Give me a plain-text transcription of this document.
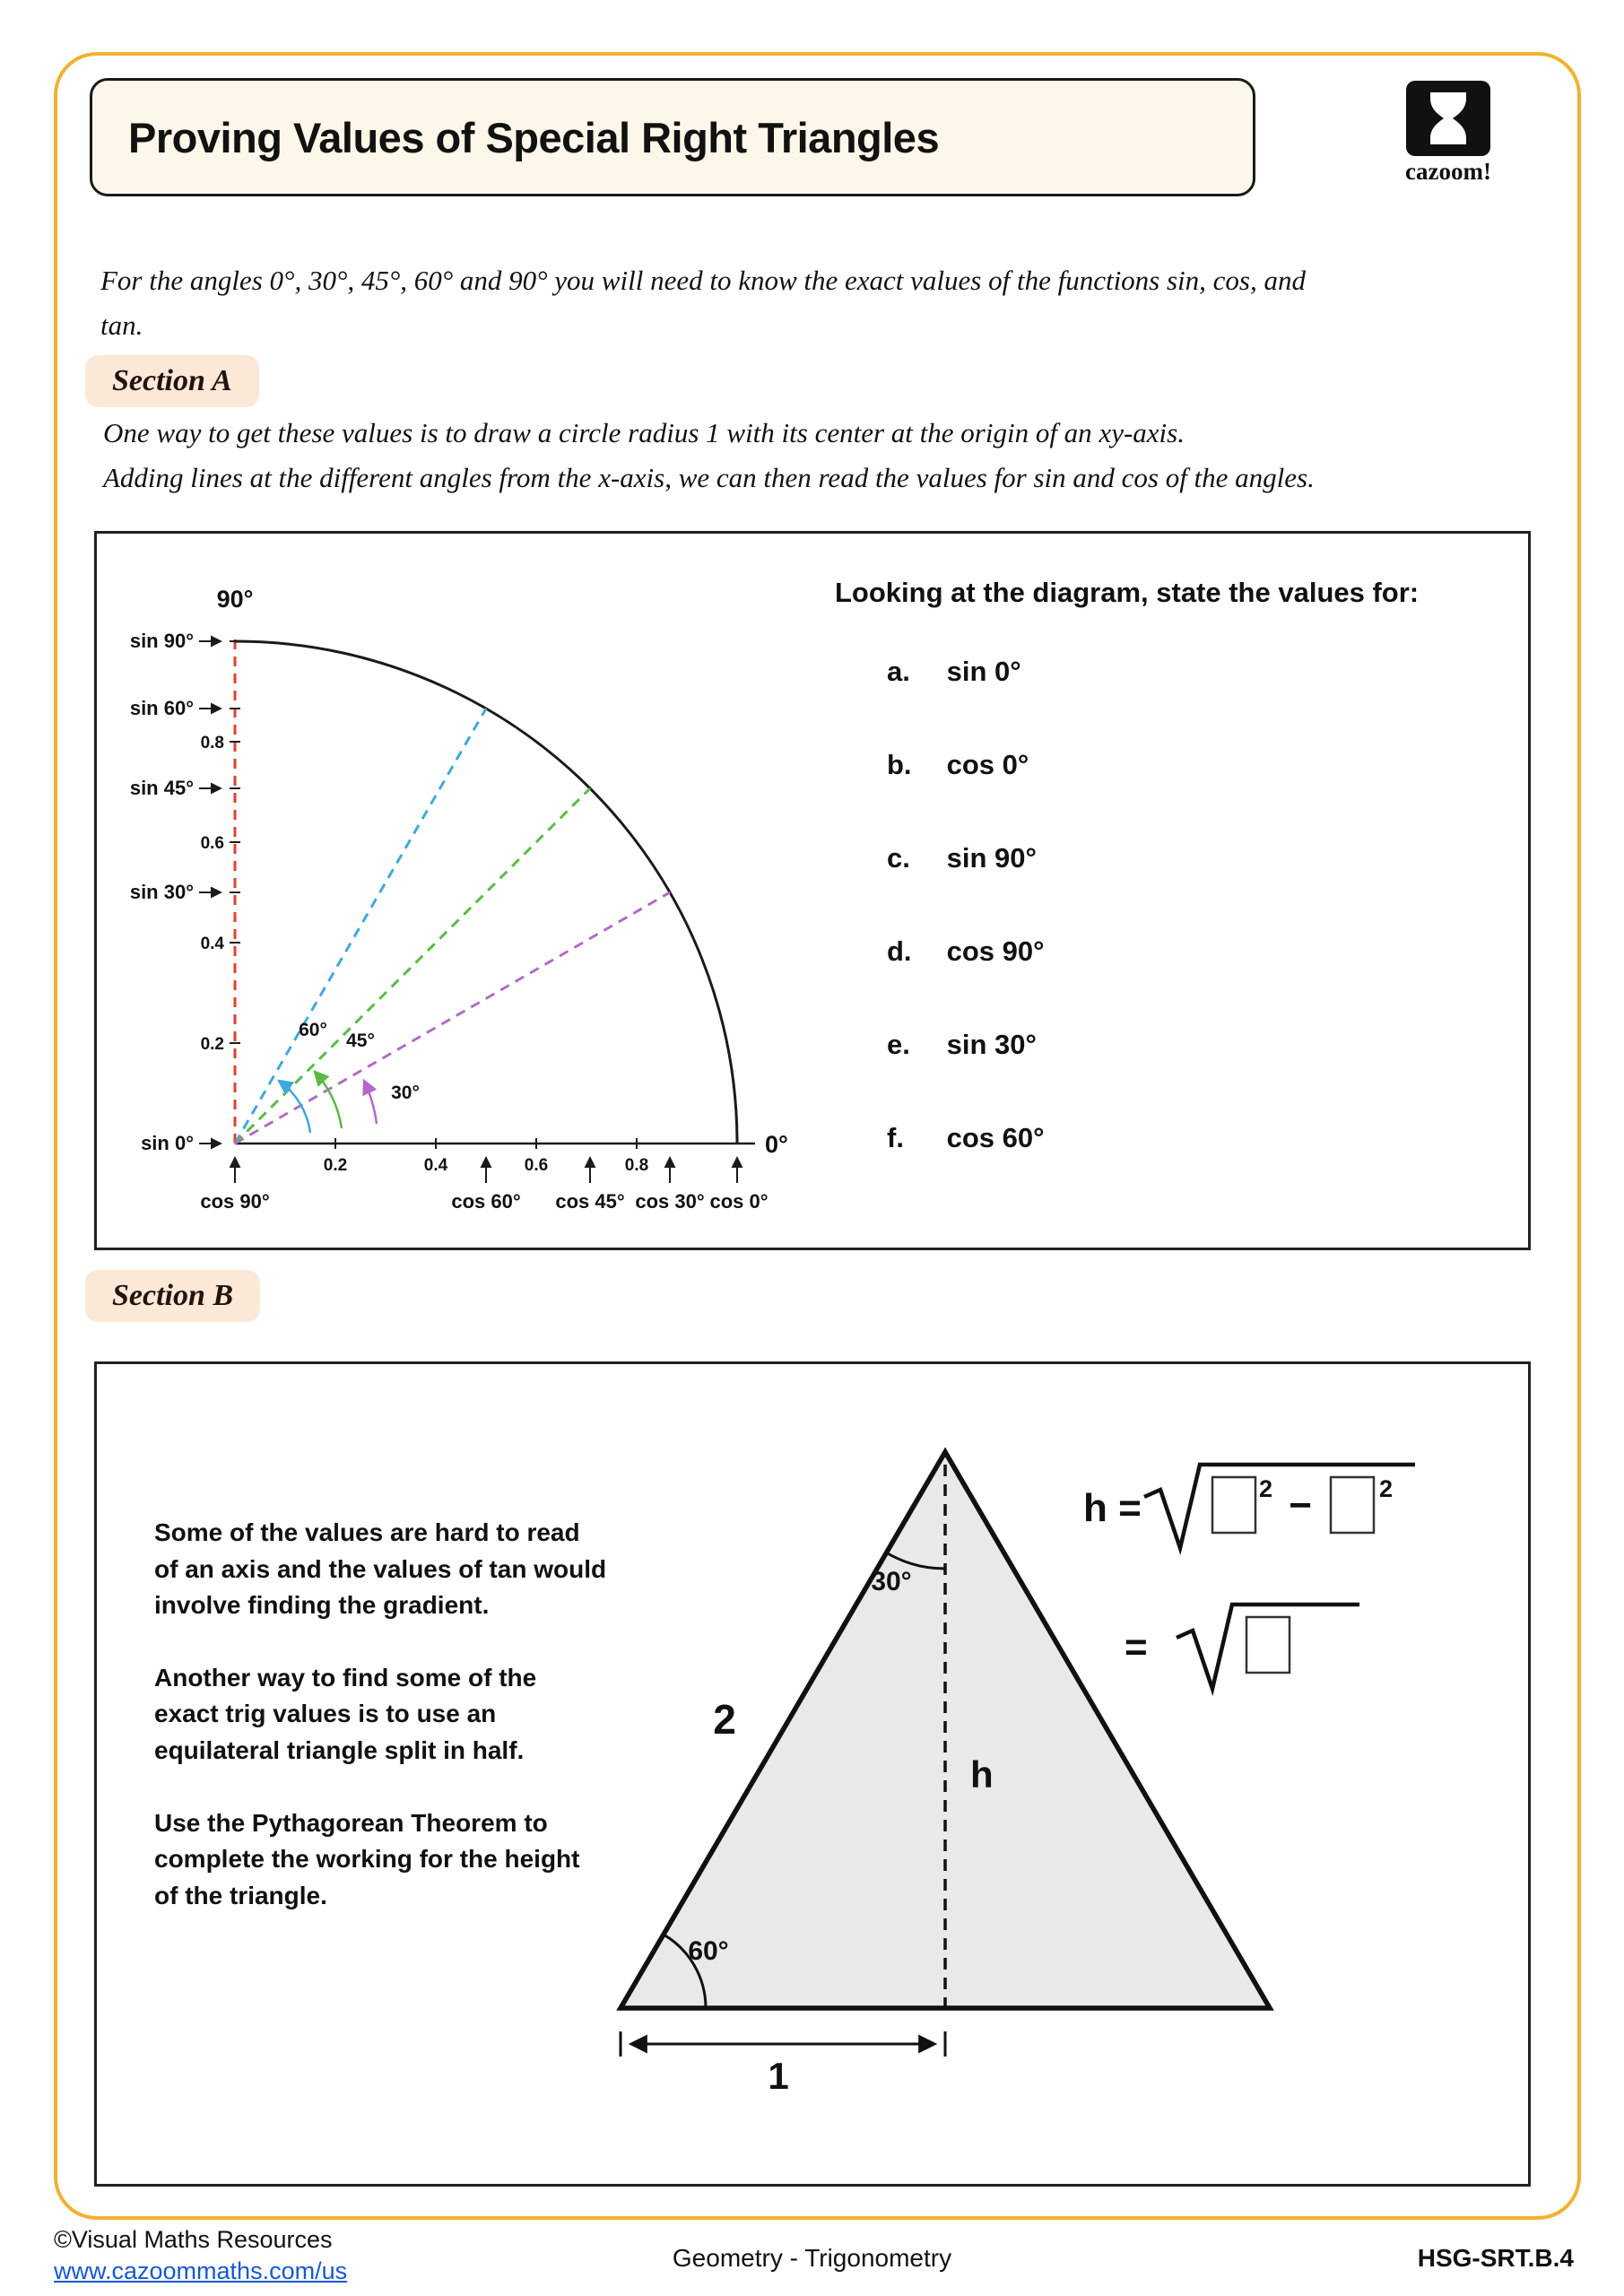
Proving Values of Special Right Triangles
cazoom!
For the angles 0°, 30°, 45°, 60° and 90° you will need to know the exact values of the functions sin, cos, and
tan.
Section A
One way to get these values is to draw a circle radius 1 with its center at the origin of an xy-axis.
Adding lines at the different angles from the x-axis, we can then read the values for sin and cos of the angles.
60°
45°
30°
90°
0°
sin 90°
sin 60°
sin 45°
sin 30°
sin 0°
0.8
0.6
0.4
0.2
0.2	0.4	0.6	0.8
cos 90°	cos 60° cos 45° cos 30° cos 0°
Looking at the diagram, state the values for:
a. sin 0°
b. cos 0°
c. sin 90°
d. cos 90°
e. sin 30°
f. cos 60°
Section B
Some of the values are hard to read of an axis and the values of tan would involve finding the gradient.
Another way to find some of the exact trig values is to use an equilateral triangle split in half.
Use the Pythagorean Theorem to complete the working for the height of the triangle.
2
h
30°
60°
1
h =	2 −	2
=
©Visual Maths Resources
www.cazoommaths.com/us	Geometry - Trigonometry	HSG-SRT.B.4
